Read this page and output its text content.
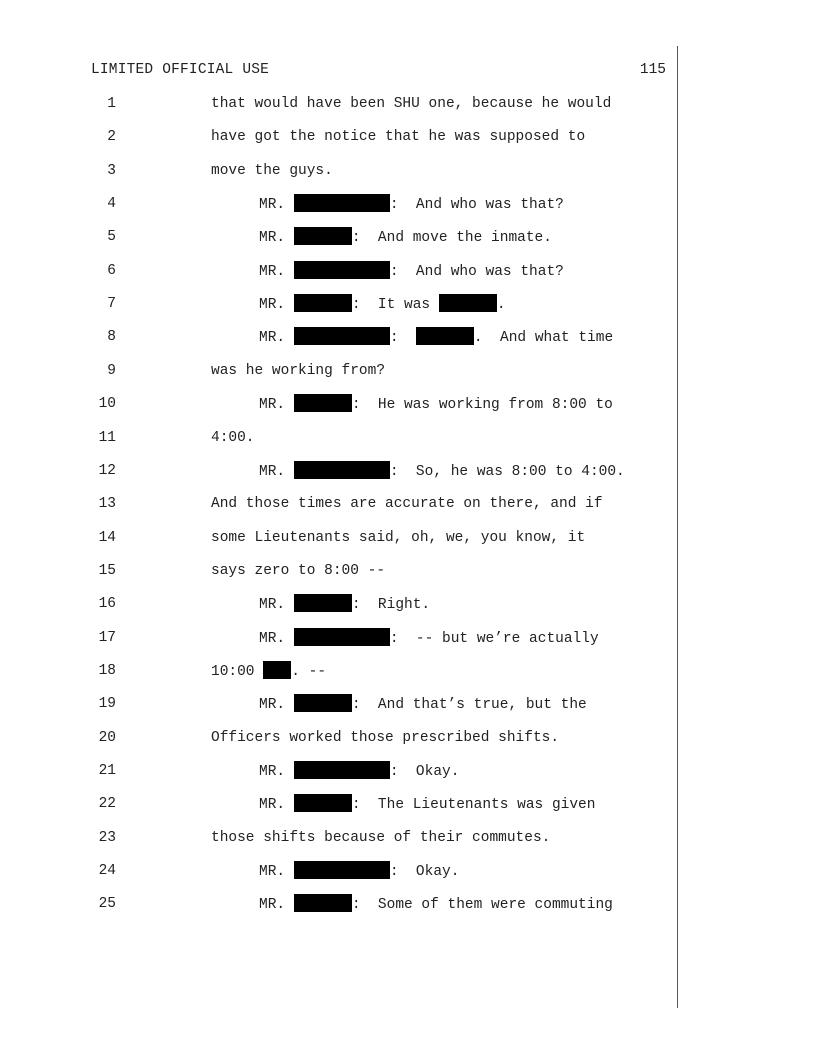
LIMITED OFFICIAL USE	115
1	that would have been SHU one, because he would
2	have got the notice that he was supposed to
3	move the guys.
4	MR.	:  And who was that?
5	MR.	:  And move the inmate.
6	MR.	:  And who was that?
7	MR.	:  It was	.
8	MR.	:	.  And what time
9	was he working from?
10	MR.	:  He was working from 8:00 to
11	4:00.
12	MR.	:  So, he was 8:00 to 4:00.
13	And those times are accurate on there, and if
14	some Lieutenants said, oh, we, you know, it
15	says zero to 8:00 --
16	MR.	:  Right.
17	MR.	:  -- but we’re actually
18	10:00 . --
19	MR.	:  And that’s true, but the
20	Officers worked those prescribed shifts.
21	MR.	:  Okay.
22	MR.	:  The Lieutenants was given
23	those shifts because of their commutes.
24	MR.	:  Okay.
25	MR.	:  Some of them were commuting
